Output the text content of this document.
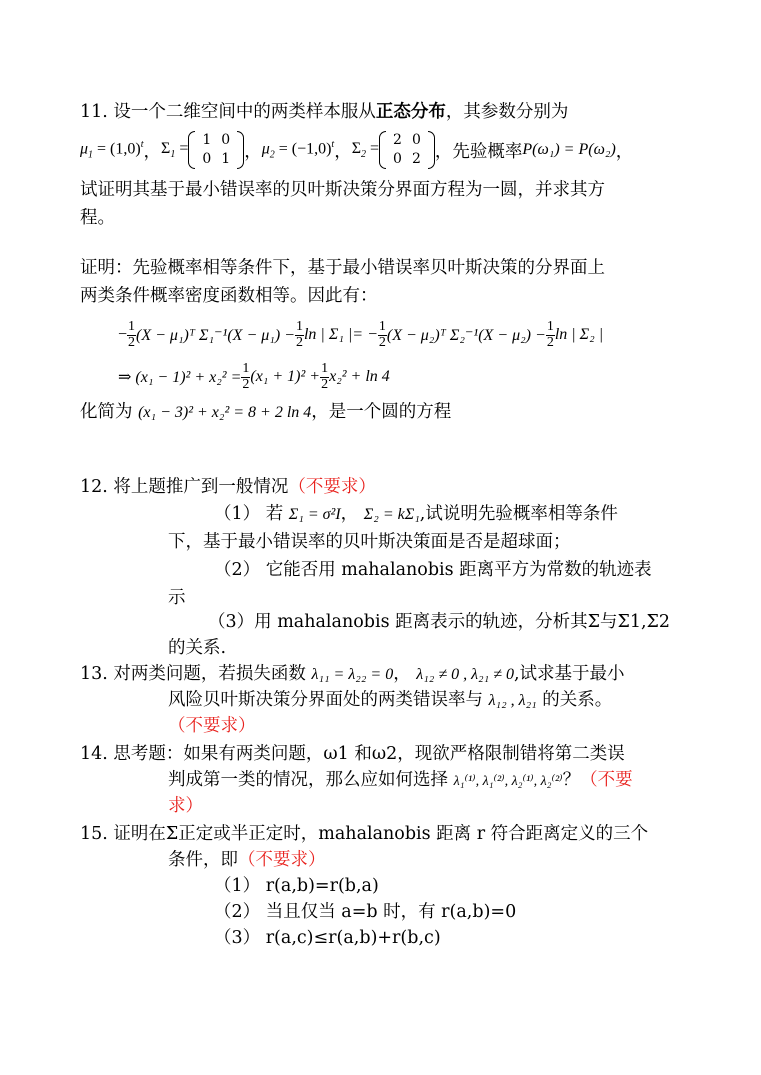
11. 设一个二维空间中的两类样本服从正态分布，其参数分别为
$\mu_1 = (1,0)^t$ ， $\Sigma_1 = 1$	0
0	1 ， $\mu_2 = (-1,0)^t$ ， $\Sigma_2 = 2$	0
0	2 ，先验概率 P(ω₁) = P(ω₂) ，
试证明其基于最小错误率的贝叶斯决策分界面方程为一圆，并求其方
程。
证明：先验概率相等条件下，基于最小错误率贝叶斯决策的分界面上
两类条件概率密度函数相等。因此有：
− $\frac{1}{2} (X$ − μ₁)ᵀ $\Sigma_1^{-1}(X - \mu_1) - \frac{1}{2}$ ln | Σ₁ |= − $\frac{1}{2} (X$ − μ₂)ᵀ $\Sigma_2^{-1}(X - \mu_2) - \frac{1}{2}$ ln | Σ₂ |
⇒ $(x_1 - 1)^2 + x_2^2 = \frac{1}{2} (x_1 + 1)^2 + \frac{1}{2} x_2^2 + \ln 4$
化简为 (x₁ − 3)² + x₂² = 8 + 2 ln 4，是一个圆的方程
12. 将上题推广到一般情况（不要求）
（1） 若 Σ₁ = σ²I， Σ₂ = kΣ₁,试说明先验概率相等条件
下，基于最小错误率的贝叶斯决策面是否是超球面；
（2） 它能否用 mahalanobis 距离平方为常数的轨迹表
示
（3）用 mahalanobis 距离表示的轨迹，分析其Σ与Σ1,Σ2
的关系.
13. 对两类问题，若损失函数 λ₁₁ = λ₂₂ = 0， λ₁₂ ≠ 0 , λ₂₁ ≠ 0,试求基于最小
风险贝叶斯决策分界面处的两类错误率与 λ₁₂ , λ₂₁ 的关系。
（不要求）
14. 思考题：如果有两类问题，ω1 和ω2，现欲严格限制错将第二类误
判成第一类的情况，那么应如何选择 λ₁⁽¹⁾, λ₁⁽²⁾, λ₂⁽¹⁾, λ₂⁽²⁾？（不要
求）
15. 证明在Σ正定或半正定时，mahalanobis 距离 r 符合距离定义的三个
条件，即（不要求）
（1） r(a,b)=r(b,a)
（2） 当且仅当 a=b 时，有 r(a,b)=0
（3） r(a,c)≤r(a,b)+r(b,c)
